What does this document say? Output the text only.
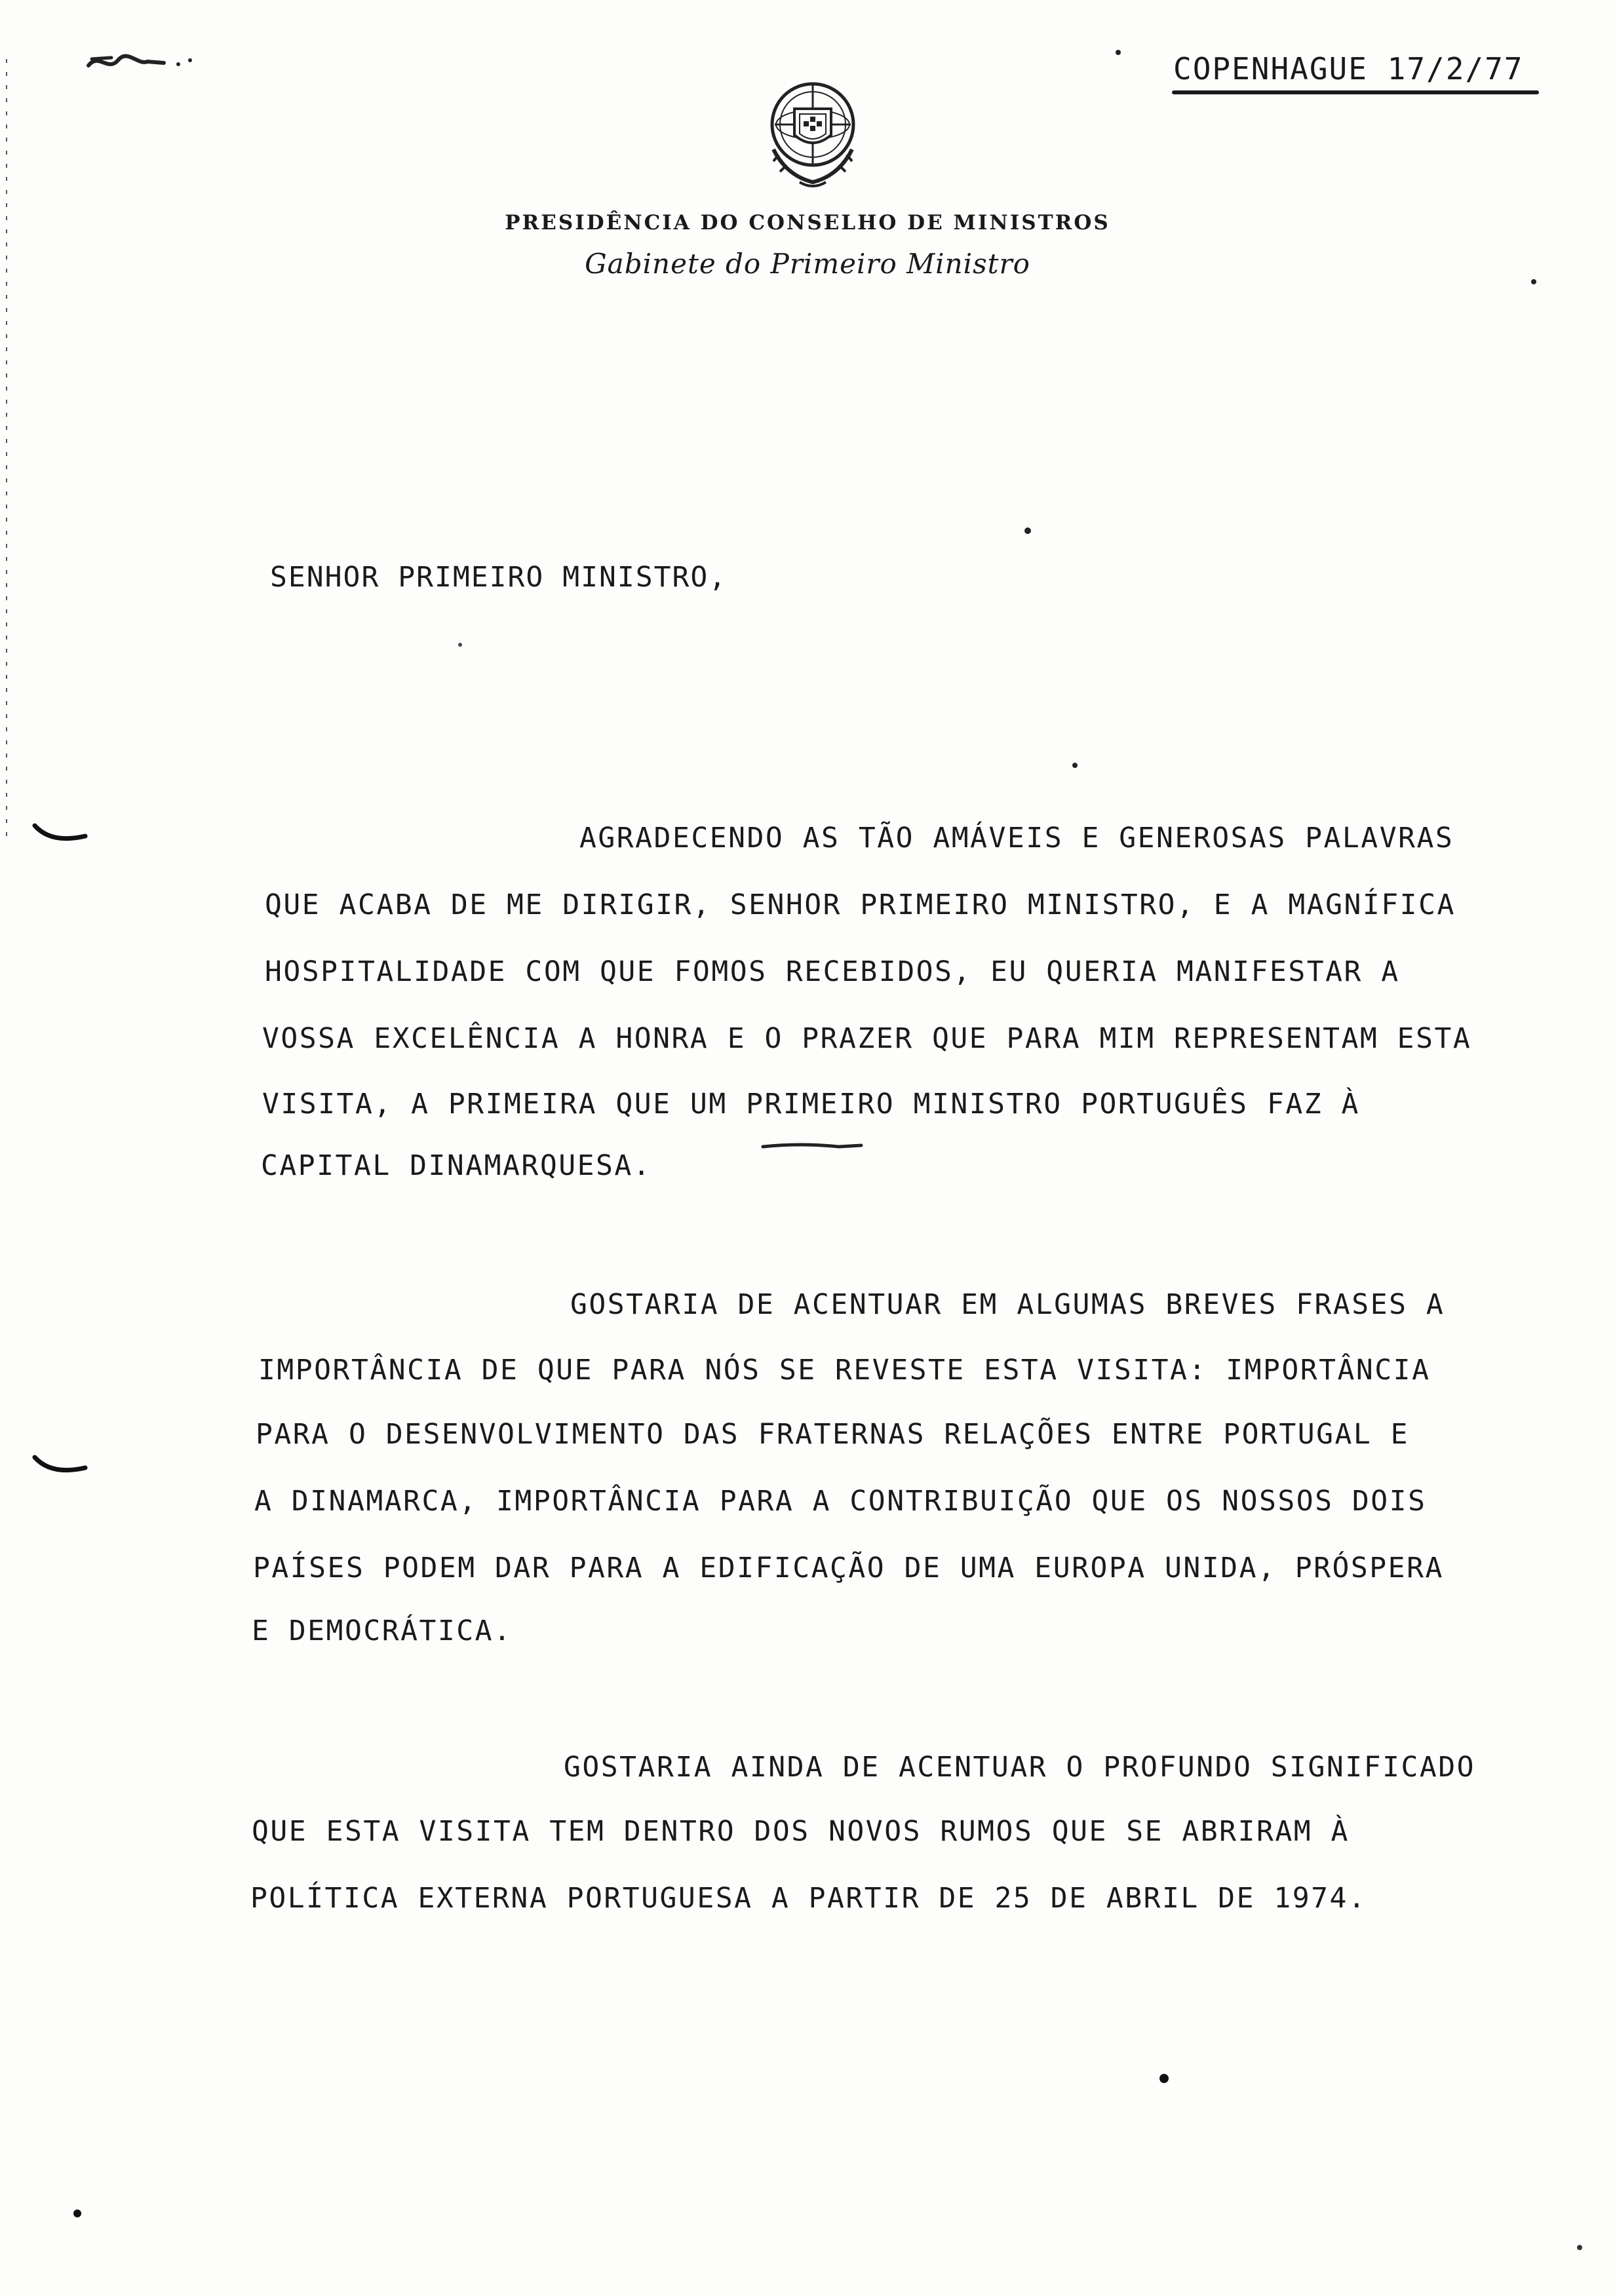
COPENHAGUE 17/2/77
PRESIDÊNCIA DO CONSELHO DE MINISTROS
Gabinete do Primeiro Ministro
SENHOR PRIMEIRO MINISTRO,
AGRADECENDO AS TÃO AMÁVEIS E GENEROSAS PALAVRAS
QUE ACABA DE ME DIRIGIR, SENHOR PRIMEIRO MINISTRO, E A MAGNÍFICA
HOSPITALIDADE COM QUE FOMOS RECEBIDOS, EU QUERIA MANIFESTAR A
VOSSA EXCELÊNCIA A HONRA E O PRAZER QUE PARA MIM REPRESENTAM ESTA
VISITA, A PRIMEIRA QUE UM PRIMEIRO MINISTRO PORTUGUÊS FAZ À
CAPITAL DINAMARQUESA.
GOSTARIA DE ACENTUAR EM ALGUMAS BREVES FRASES A
IMPORTÂNCIA DE QUE PARA NÓS SE REVESTE ESTA VISITA: IMPORTÂNCIA
PARA O DESENVOLVIMENTO DAS FRATERNAS RELAÇÕES ENTRE PORTUGAL E
A DINAMARCA, IMPORTÂNCIA PARA A CONTRIBUIÇÃO QUE OS NOSSOS DOIS
PAÍSES PODEM DAR PARA A EDIFICAÇÃO DE UMA EUROPA UNIDA, PRÓSPERA
E DEMOCRÁTICA.
GOSTARIA AINDA DE ACENTUAR O PROFUNDO SIGNIFICADO
QUE ESTA VISITA TEM DENTRO DOS NOVOS RUMOS QUE SE ABRIRAM À
POLÍTICA EXTERNA PORTUGUESA A PARTIR DE 25 DE ABRIL DE 1974.
